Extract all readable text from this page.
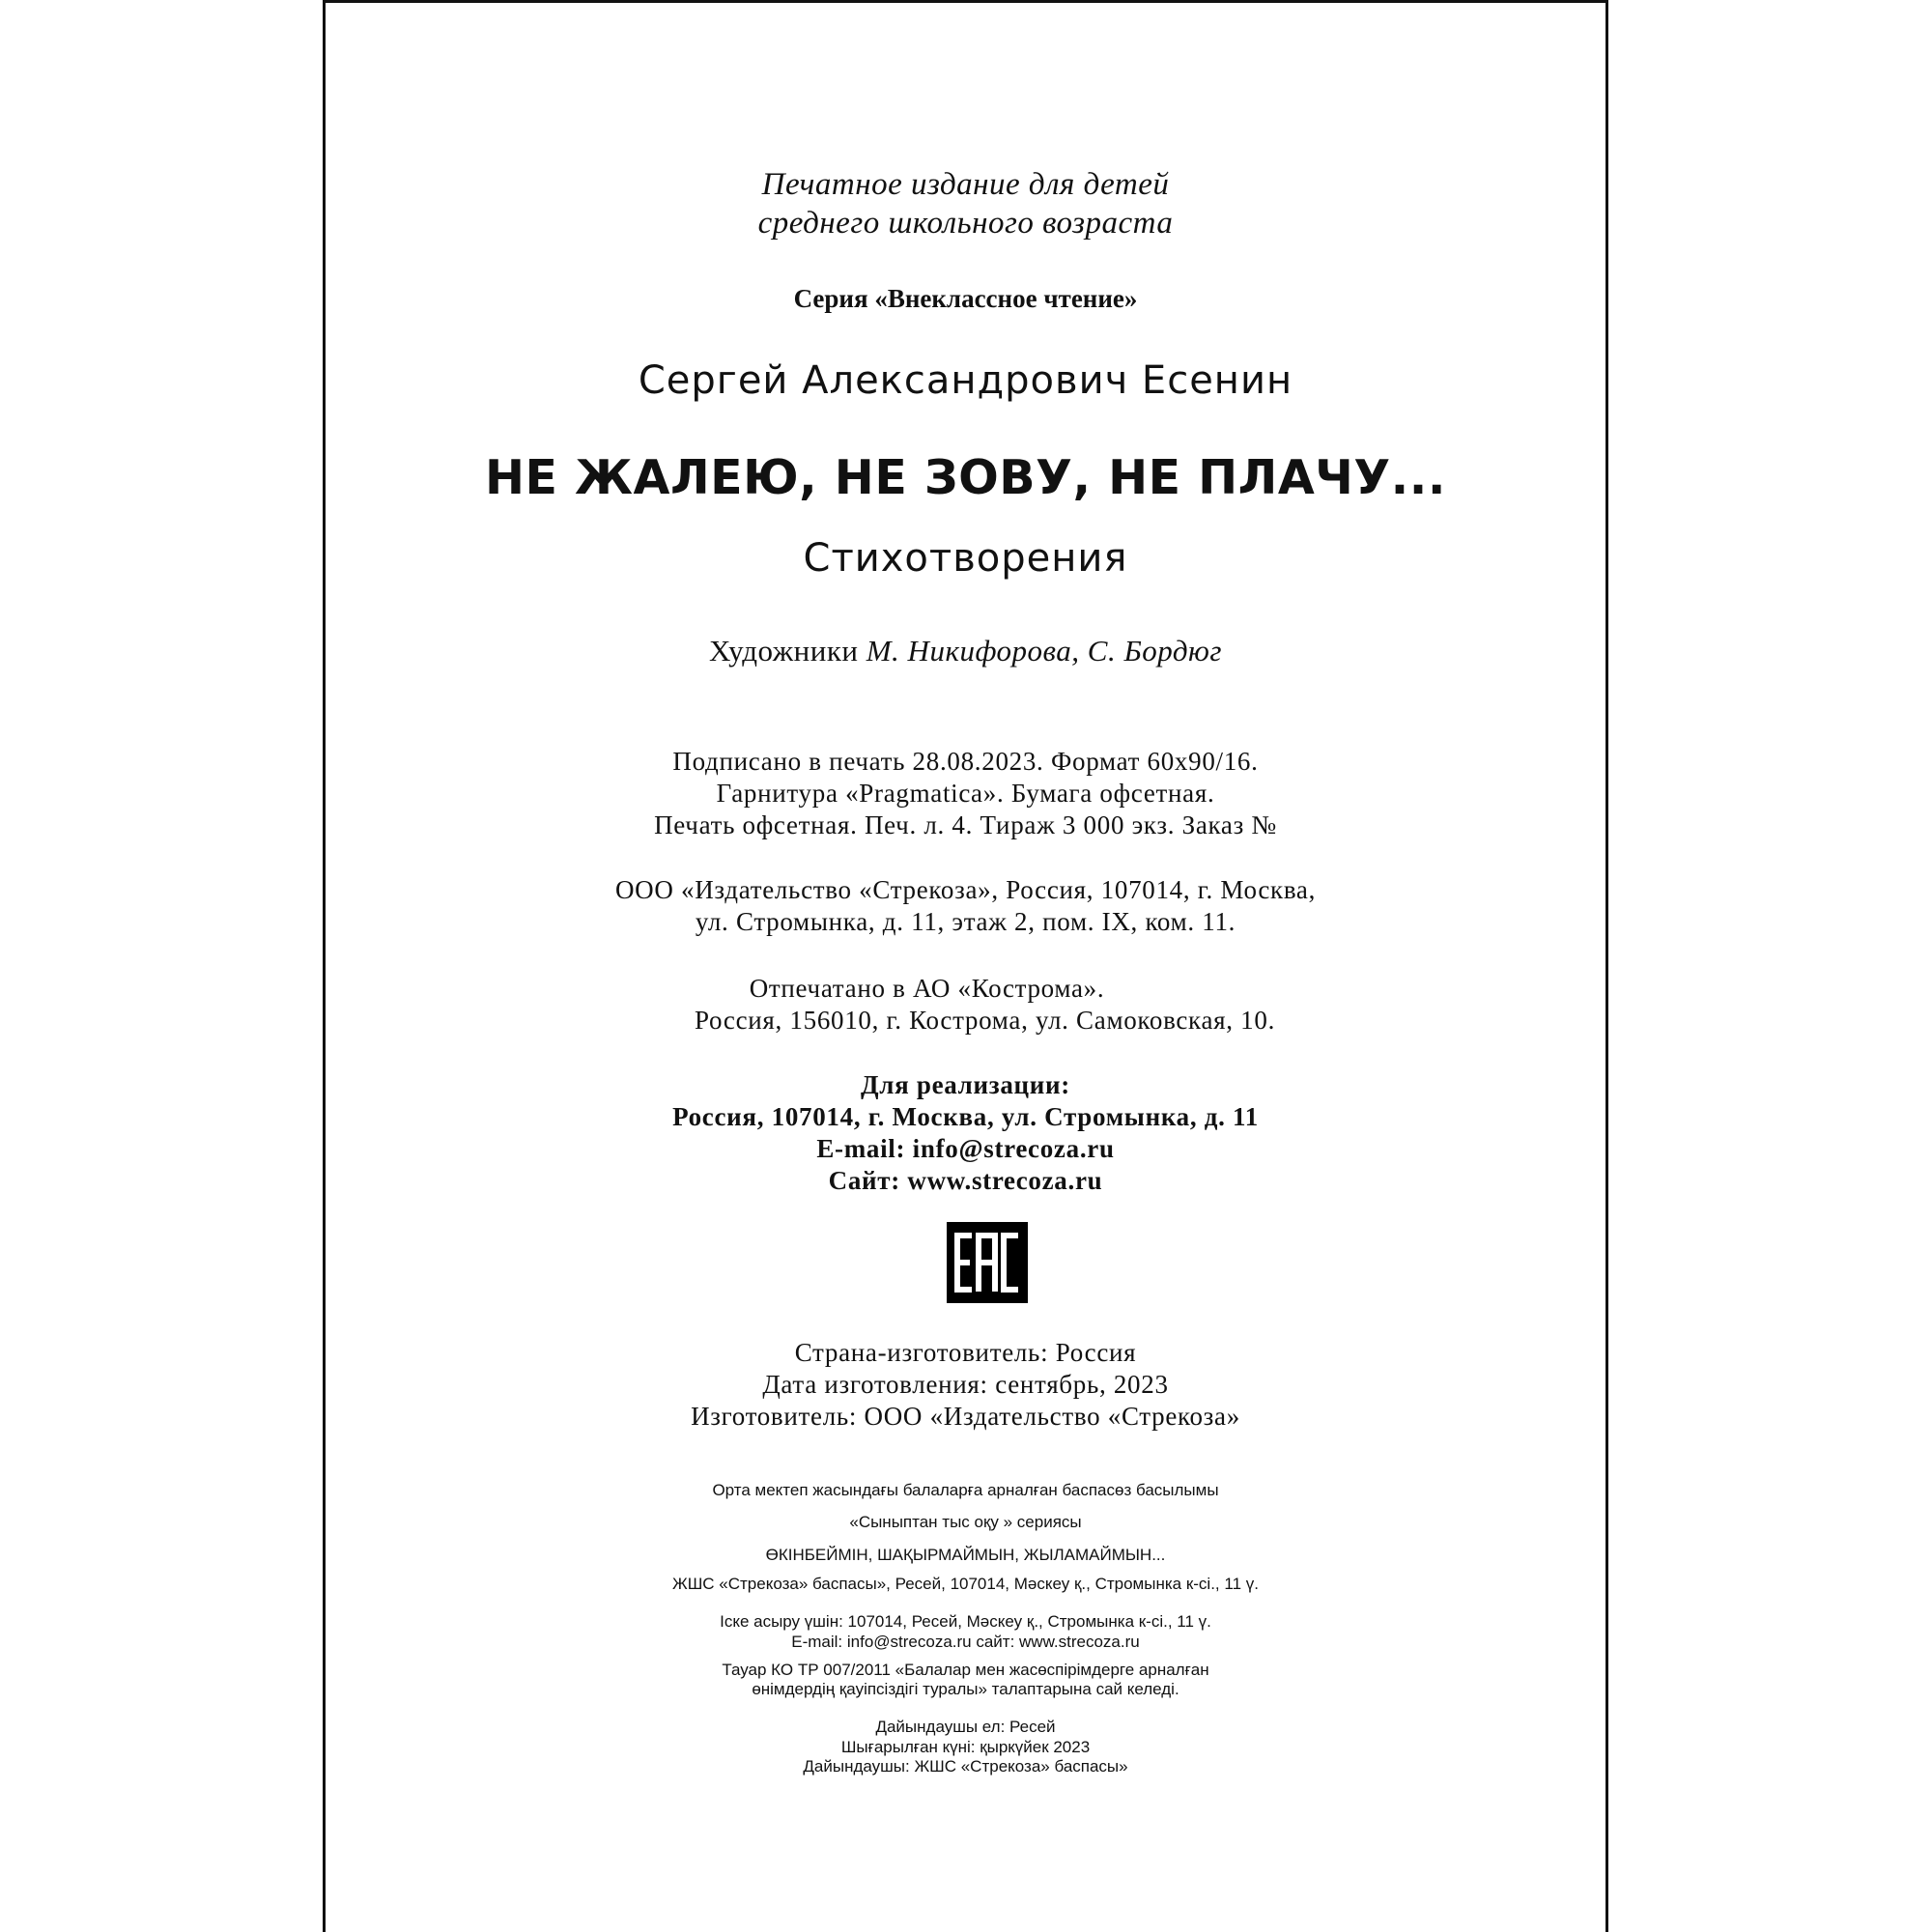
Печатное издание для детей
среднего школьного возраста
Серия «Внеклассное чтение»
Сергей Александрович Есенин
НЕ ЖАЛЕЮ, НЕ ЗОВУ, НЕ ПЛАЧУ...
Стихотворения
Художники М. Никифорова, С. Бордюг
Подписано в печать 28.08.2023. Формат 60х90/16.
Гарнитура «Pragmatica». Бумага офсетная.
Печать офсетная. Печ. л. 4. Тираж 3 000 экз. Заказ №
ООО «Издательство «Стрекоза», Россия, 107014, г. Москва,
ул. Стромынка, д. 11, этаж 2, пом. IX, ком. 11.
Отпечатано в АО «Кострома».
Россия, 156010, г. Кострома, ул. Самоковская, 10.
Для реализации:
Россия, 107014, г. Москва, ул. Стромынка, д. 11
E-mail: info@strecoza.ru
Сайт: www.strecoza.ru
Страна-изготовитель: Россия
Дата изготовления: сентябрь, 2023
Изготовитель: ООО «Издательство «Стрекоза»
Орта мектеп жасындағы балаларға арналған баспасөз басылымы
«Сыныптан тыс оқу » сериясы
ӨКІНБЕЙМІН, ШАҚЫРМАЙМЫН, ЖЫЛАМАЙМЫН...
ЖШС «Стрекоза» баспасы», Ресей, 107014, Мәскеу қ., Стромынка к-сі., 11 ү.
Іске асыру үшін: 107014, Ресей, Мәскеу қ., Стромынка к-сі., 11 ү.
E-mail: info@strecoza.ru сайт: www.strecoza.ru
Тауар КО ТР 007/2011 «Балалар мен жасөспірімдерге арналған
өнімдердің қауіпсіздігі туралы» талаптарына сай келеді.
Дайындаушы ел: Ресей
Шығарылған күні: қыркүйек 2023
Дайындаушы: ЖШС «Стрекоза» баспасы»
